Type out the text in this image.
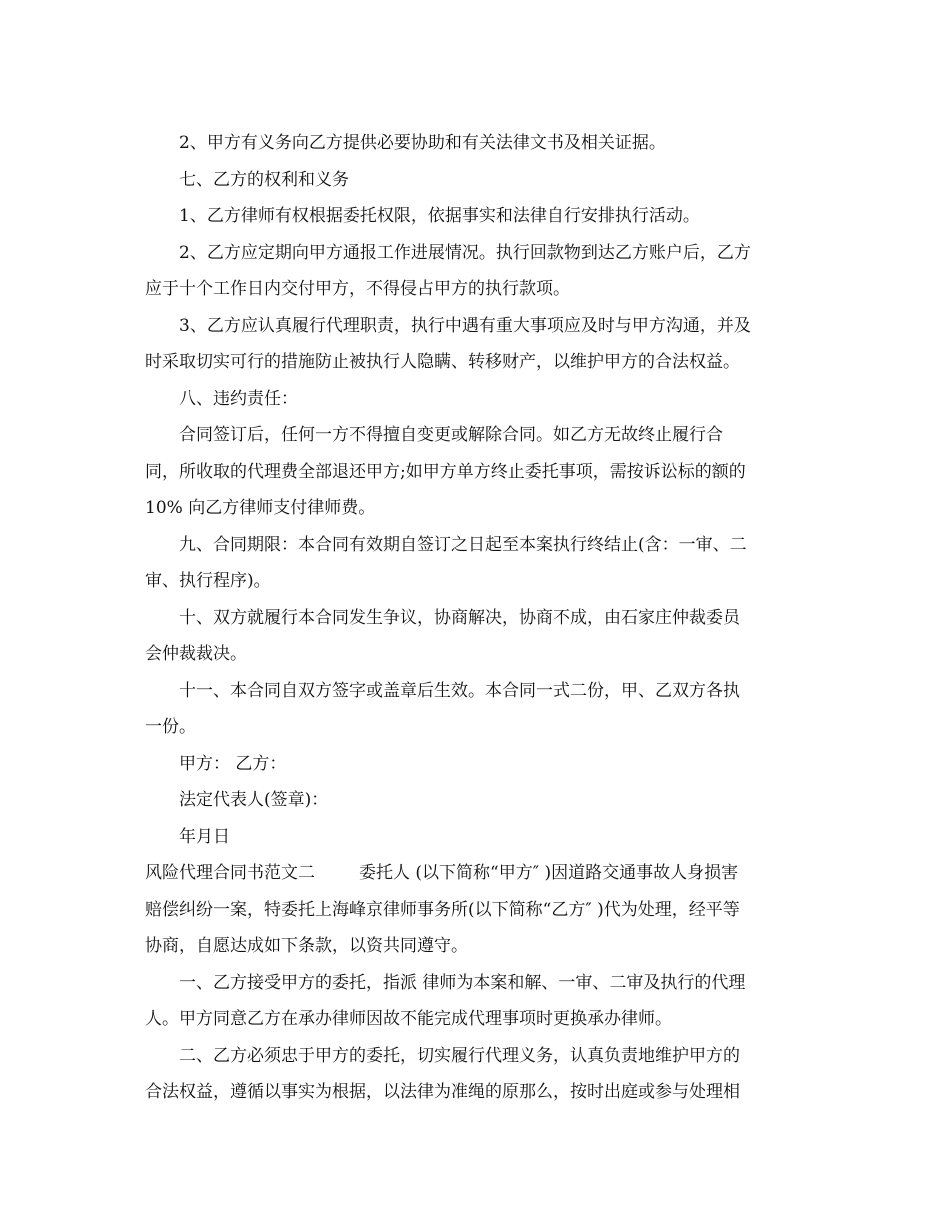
2、甲方有义务向乙方提供必要协助和有关法律文书及相关证据。
七、乙方的权利和义务
1、乙方律师有权根据委托权限，依据事实和法律自行安排执行活动。
2、乙方应定期向甲方通报工作进展情况。执行回款物到达乙方账户后，乙方
应于十个工作日内交付甲方，不得侵占甲方的执行款项。
3、乙方应认真履行代理职责，执行中遇有重大事项应及时与甲方沟通，并及
时采取切实可行的措施防止被执行人隐瞒、转移财产，以维护甲方的合法权益。
八、违约责任：
合同签订后，任何一方不得擅自变更或解除合同。如乙方无故终止履行合
同，所收取的代理费全部退还甲方;如甲方单方终止委托事项，需按诉讼标的额的
10% 向乙方律师支付律师费。
九、合同期限：本合同有效期自签订之日起至本案执行终结止(含：一审、二
审、执行程序)。
十、双方就履行本合同发生争议，协商解决，协商不成，由石家庄仲裁委员
会仲裁裁决。
十一、本合同自双方签字或盖章后生效。本合同一式二份，甲、乙双方各执
一份。
甲方： 乙方：
法定代表人(签章)：
年月日
风险代理合同书范文二	委托人 (以下简称“甲方″ )因道路交通事故人身损害
赔偿纠纷一案，特委托上海峰京律师事务所(以下简称“乙方″ )代为处理，经平等
协商，自愿达成如下条款，以资共同遵守。
一、乙方接受甲方的委托，指派 律师为本案和解、一审、二审及执行的代理
人。甲方同意乙方在承办律师因故不能完成代理事项时更换承办律师。
二、乙方必须忠于甲方的委托，切实履行代理义务，认真负责地维护甲方的
合法权益，遵循以事实为根据，以法律为准绳的原那么，按时出庭或参与处理相
